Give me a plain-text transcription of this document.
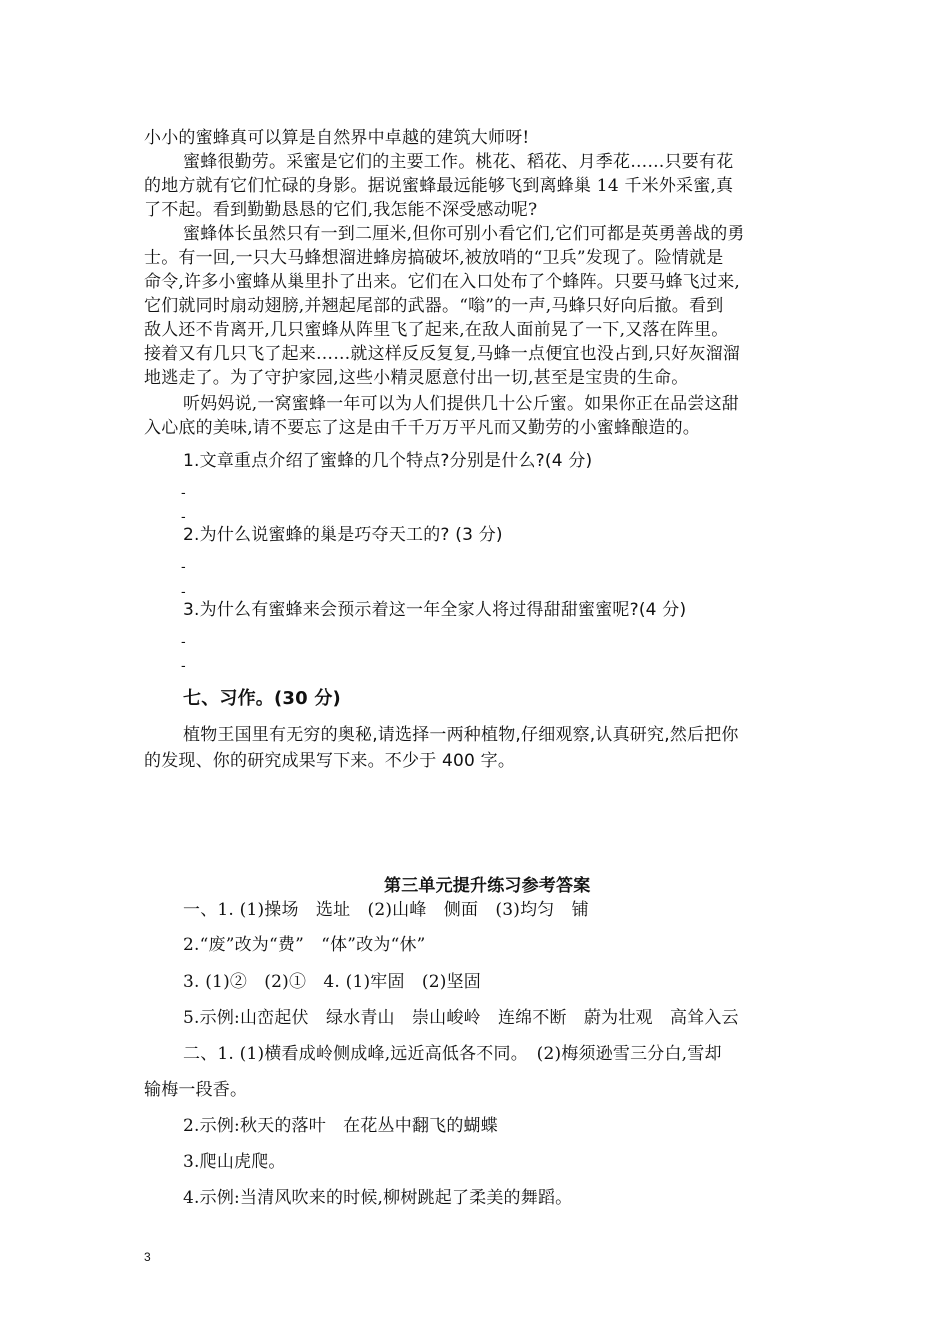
小小的蜜蜂真可以算是自然界中卓越的建筑大师呀!
蜜蜂很勤劳。采蜜是它们的主要工作。桃花、稻花、月季花……只要有花
的地方就有它们忙碌的身影。据说蜜蜂最远能够飞到离蜂巢 14 千米外采蜜,真
了不起。看到勤勤恳恳的它们,我怎能不深受感动呢?
蜜蜂体长虽然只有一到二厘米,但你可别小看它们,它们可都是英勇善战的勇
士。有一回,一只大马蜂想溜进蜂房搞破坏,被放哨的“卫兵”发现了。险情就是
命令,许多小蜜蜂从巢里扑了出来。它们在入口处布了个蜂阵。只要马蜂飞过来,
它们就同时扇动翅膀,并翘起尾部的武器。“嗡”的一声,马蜂只好向后撤。看到
敌人还不肯离开,几只蜜蜂从阵里飞了起来,在敌人面前晃了一下,又落在阵里。
接着又有几只飞了起来……就这样反反复复,马蜂一点便宜也没占到,只好灰溜溜
地逃走了。为了守护家园,这些小精灵愿意付出一切,甚至是宝贵的生命。
听妈妈说,一窝蜜蜂一年可以为人们提供几十公斤蜜。如果你正在品尝这甜
入心底的美味,请不要忘了这是由千千万万平凡而又勤劳的小蜜蜂酿造的。
1.文章重点介绍了蜜蜂的几个特点?分别是什么?(4 分)
-
-
2.为什么说蜜蜂的巢是巧夺天工的? (3 分)
-
-
3.为什么有蜜蜂来会预示着这一年全家人将过得甜甜蜜蜜呢?(4 分)
-
-
七、习作。(30 分)
植物王国里有无穷的奥秘,请选择一两种植物,仔细观察,认真研究,然后把你
的发现、你的研究成果写下来。不少于 400 字。
第三单元提升练习参考答案
一、1. (1)操场　选址　(2)山峰　侧面　(3)均匀　铺
2.“废”改为“费”　“体”改为“休”
3. (1)②　(2)①　4. (1)牢固　(2)坚固
5.示例:山峦起伏　绿水青山　崇山峻岭　连绵不断　蔚为壮观　高耸入云
二、1. (1)横看成岭侧成峰,远近高低各不同。　(2)梅须逊雪三分白,雪却
输梅一段香。
2.示例:秋天的落叶　在花丛中翻飞的蝴蝶
3.爬山虎爬。
4.示例:当清风吹来的时候,柳树跳起了柔美的舞蹈。
3
